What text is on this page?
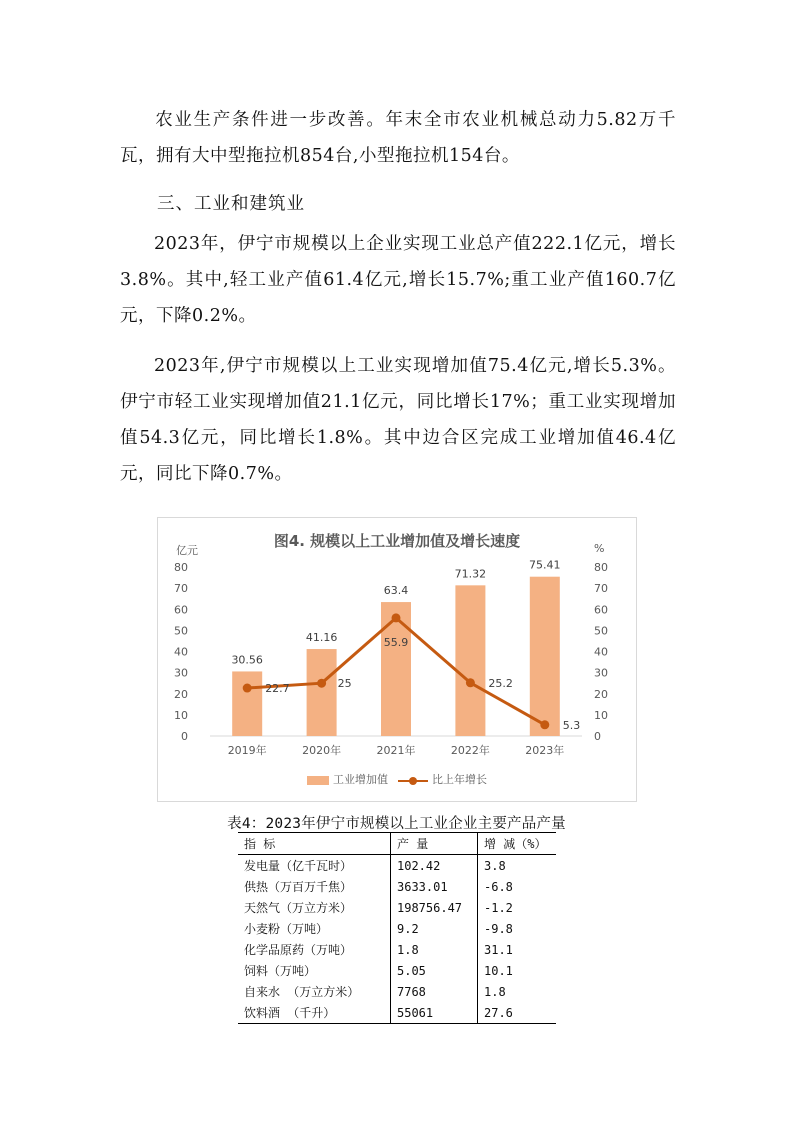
农业生产条件进一步改善。年末全市农业机械总动力5.82万千瓦，拥有大中型拖拉机854台,小型拖拉机154台。
三、工业和建筑业
2023年，伊宁市规模以上企业实现工业总产值222.1亿元，增长3.8%。其中,轻工业产值61.4亿元,增长15.7%;重工业产值160.7亿元，下降0.2%。
2023年,伊宁市规模以上工业实现增加值75.4亿元,增长5.3%。伊宁市轻工业实现增加值21.1亿元，同比增长17%；重工业实现增加值54.3亿元，同比增长1.8%。其中边合区完成工业增加值46.4亿元，同比下降0.7%。
图4. 规模以上工业增加值及增长速度
亿元	%
0	0
10	10
20	20
30	30
40	40
50	50
60	60
70	70
80	80
30.56
41.16
63.4
71.32
75.41
2019年	2020年	2021年	2022年	2023年
22.7	25
55.9
25.2
5.3
工业增加值	比上年增长
表4：2023年伊宁市规模以上工业企业主要产品产量
指 标	产 量	增 减（%）
发电量（亿千瓦时）	102.42	3.8
供热（万百万千焦）	3633.01	-6.8
天然气（万立方米）	198756.47	-1.2
小麦粉（万吨）	9.2	-9.8
化学品原药（万吨）	1.8	31.1
饲料（万吨）	5.05	10.1
自来水 （万立方米）	7768	1.8
饮料酒 （千升）	55061	27.6
